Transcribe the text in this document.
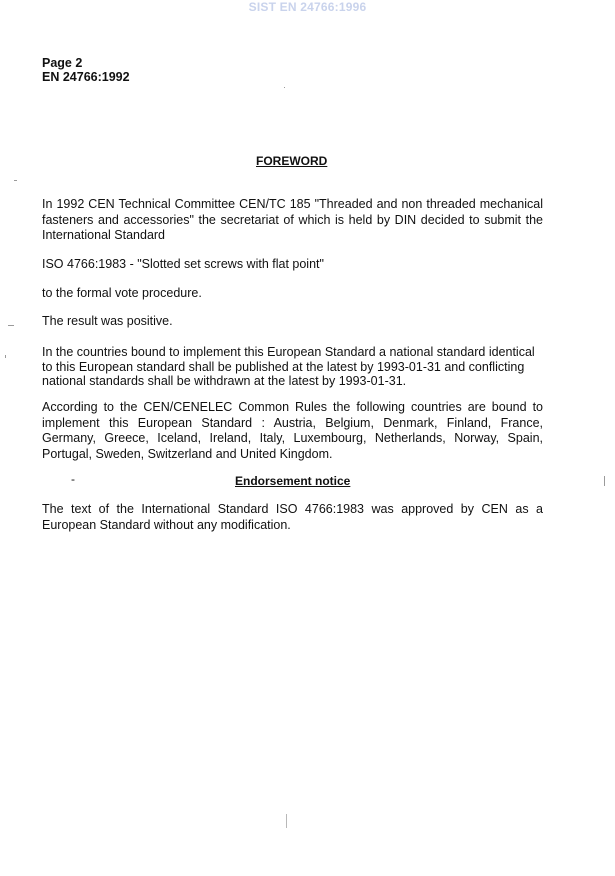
SIST EN 24766:1996
Page 2
EN 24766:1992
FOREWORD

In 1992 CEN Technical Committee CEN/TC 185 "Threaded and non threaded mechanical fasteners and accessories" the secretariat of which is held by DIN decided to submit the International Standard

ISO 4766:1983 - "Slotted set screws with flat point"

to the formal vote procedure.

The result was positive.

In the countries bound to implement this European Standard a national standard identical to this European standard shall be published at the latest by 1993-01-31 and conflicting national standards shall be withdrawn at the latest by 1993-01-31.

According to the CEN/CENELEC Common Rules the following countries are bound to implement this European Standard : Austria, Belgium, Denmark, Finland, France, Germany, Greece, Iceland, Ireland, Italy, Luxembourg, Netherlands, Norway, Spain, Portugal, Sweden, Switzerland and United Kingdom.

-	Endorsement notice

The text of the International Standard ISO 4766:1983 was approved by CEN as a European Standard without any modification.
